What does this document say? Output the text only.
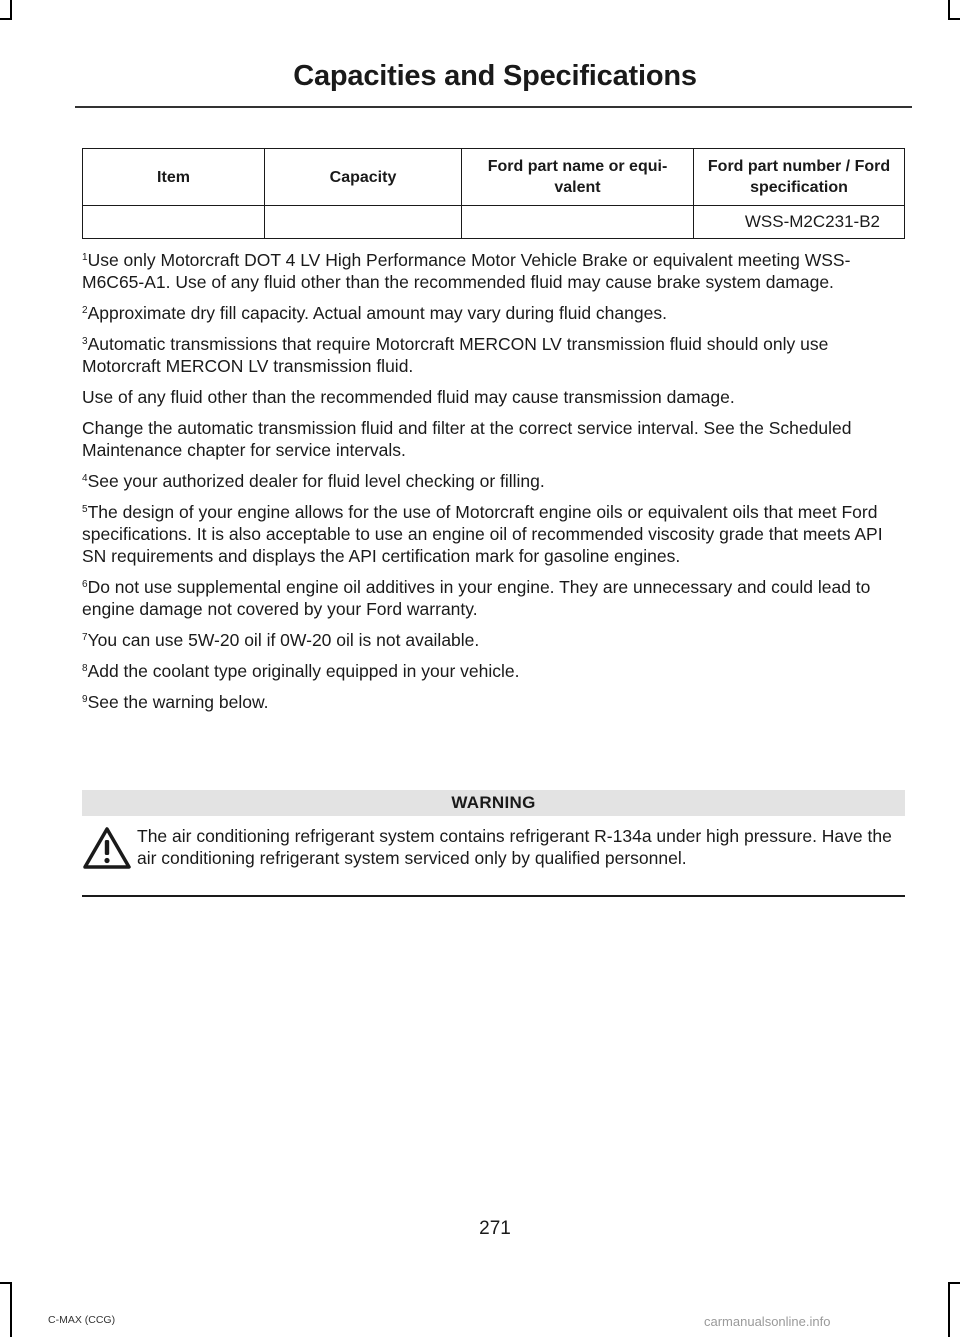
Capacities and Specifications
Item	Capacity	Ford part name or equi-valent	Ford part number / Ford specification
			WSS-M2C231-B2

$^1$Use only Motorcraft DOT 4 LV High Performance Motor Vehicle Brake or equivalent meeting WSS-M6C65-A1. Use of any fluid other than the recommended fluid may cause brake system damage.

$^2$Approximate dry fill capacity. Actual amount may vary during fluid changes.

$^3$Automatic transmissions that require Motorcraft MERCON LV transmission fluid should only use Motorcraft MERCON LV transmission fluid.

Use of any fluid other than the recommended fluid may cause transmission damage.

Change the automatic transmission fluid and filter at the correct service interval. See the Scheduled Maintenance chapter for service intervals.

$^4$See your authorized dealer for fluid level checking or filling.

$^5$The design of your engine allows for the use of Motorcraft engine oils or equivalent oils that meet Ford specifications. It is also acceptable to use an engine oil of recommended viscosity grade that meets API SN requirements and displays the API certification mark for gasoline engines.

$^6$Do not use supplemental engine oil additives in your engine. They are unnecessary and could lead to engine damage not covered by your Ford warranty.

$^7$You can use 5W-20 oil if 0W-20 oil is not available.

$^8$Add the coolant type originally equipped in your vehicle.

$^9$See the warning below.

WARNING
The air conditioning refrigerant system contains refrigerant R-134a under high pressure. Have the air conditioning refrigerant system serviced only by qualified personnel.
271
C-MAX (CCG)	carmanualsonline.info
